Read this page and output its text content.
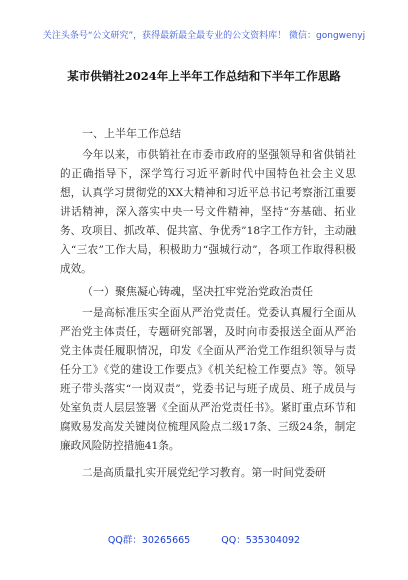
关注头条号“公文研究”，获得最新最全最专业的公文资料库！ 微信：gongwenyj
某市供销社2024年上半年工作总结和下半年工作思路

一、上半年工作总结

今年以来，市供销社在市委市政府的坚强领导和省供销社的正确指导下，深学笃行习近平新时代中国特色社会主义思想，认真学习贯彻党的XX大精神和习近平总书记考察浙江重要讲话精神，深入落实中央一号文件精神，坚持“夯基础、拓业务、攻项目、抓改革、促共富、争优秀”18字工作方针，主动融入“三农”工作大局，积极助力“强城行动”，各项工作取得积极成效。

（一）聚焦凝心铸魂，坚决扛牢党治党政治责任

一是高标准压实全面从严治党责任。党委认真履行全面从严治党主体责任，专题研究部署，及时向市委报送全面从严治党主体责任履职情况，印发《全面从严治党工作组织领导与责任分工》《党的建设工作要点》《机关纪检工作要点》等。领导班子带头落实“一岗双责”，党委书记与班子成员、班子成员与处室负责人层层签署《全面从严治党责任书》。紧盯重点环节和腐败易发高发关键岗位梳理风险点二级17条、三级24条，制定廉政风险防控措施41条。

二是高质量扎实开展党纪学习教育。第一时间党委研

QQ群：30265665	QQ：535304092
